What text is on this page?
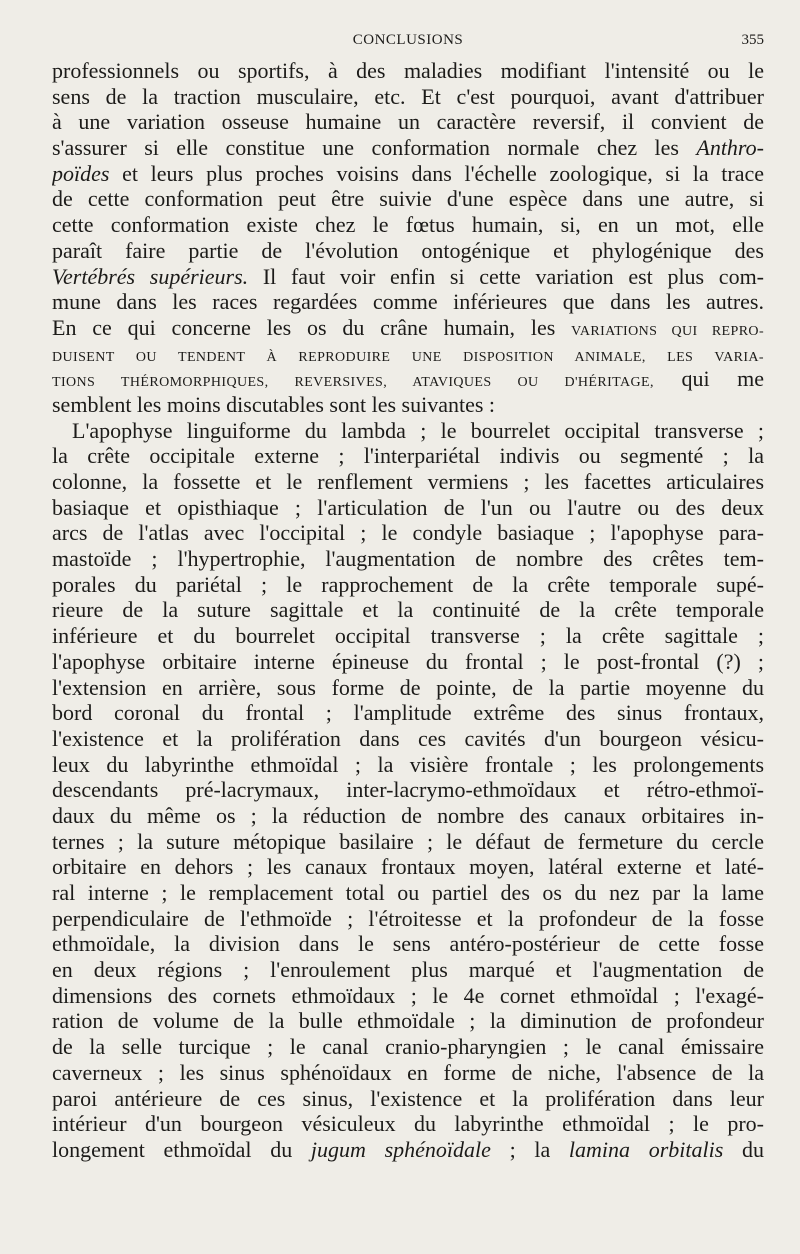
CONCLUSIONS	355
professionnels ou sportifs, à des maladies modifiant l'intensité ou le
sens de la traction musculaire, etc. Et c'est pourquoi, avant d'attribuer
à une variation osseuse humaine un caractère reversif, il convient de
s'assurer si elle constitue une conformation normale chez les Anthro-
poïdes et leurs plus proches voisins dans l'échelle zoologique, si la trace
de cette conformation peut être suivie d'une espèce dans une autre, si
cette conformation existe chez le fœtus humain, si, en un mot, elle
paraît faire partie de l'évolution ontogénique et phylogénique des
Vertébrés supérieurs. Il faut voir enfin si cette variation est plus com-
mune dans les races regardées comme inférieures que dans les autres.
En ce qui concerne les os du crâne humain, les VARIATIONS QUI REPRO-
DUISENT OU TENDENT À REPRODUIRE UNE DISPOSITION ANIMALE, LES VARIA-
TIONS THÉROMORPHIQUES, REVERSIVES, ATAVIQUES OU D'HÉRITAGE, qui me
semblent les moins discutables sont les suivantes :
L'apophyse linguiforme du lambda ; le bourrelet occipital transverse ;
la crête occipitale externe ; l'interpariétal indivis ou segmenté ; la
colonne, la fossette et le renflement vermiens ; les facettes articulaires
basiaque et opisthiaque ; l'articulation de l'un ou l'autre ou des deux
arcs de l'atlas avec l'occipital ; le condyle basiaque ; l'apophyse para-
mastoïde ; l'hypertrophie, l'augmentation de nombre des crêtes tem-
porales du pariétal ; le rapprochement de la crête temporale supé-
rieure de la suture sagittale et la continuité de la crête temporale
inférieure et du bourrelet occipital transverse ; la crête sagittale ;
l'apophyse orbitaire interne épineuse du frontal ; le post-frontal (?) ;
l'extension en arrière, sous forme de pointe, de la partie moyenne du
bord coronal du frontal ; l'amplitude extrême des sinus frontaux,
l'existence et la prolifération dans ces cavités d'un bourgeon vésicu-
leux du labyrinthe ethmoïdal ; la visière frontale ; les prolongements
descendants pré-lacrymaux, inter-lacrymo-ethmoïdaux et rétro-ethmoï-
daux du même os ; la réduction de nombre des canaux orbitaires in-
ternes ; la suture métopique basilaire ; le défaut de fermeture du cercle
orbitaire en dehors ; les canaux frontaux moyen, latéral externe et laté-
ral interne ; le remplacement total ou partiel des os du nez par la lame
perpendiculaire de l'ethmoïde ; l'étroitesse et la profondeur de la fosse
ethmoïdale, la division dans le sens antéro-postérieur de cette fosse
en deux régions ; l'enroulement plus marqué et l'augmentation de
dimensions des cornets ethmoïdaux ; le 4e cornet ethmoïdal ; l'exagé-
ration de volume de la bulle ethmoïdale ; la diminution de profondeur
de la selle turcique ; le canal cranio-pharyngien ; le canal émissaire
caverneux ; les sinus sphénoïdaux en forme de niche, l'absence de la
paroi antérieure de ces sinus, l'existence et la prolifération dans leur
intérieur d'un bourgeon vésiculeux du labyrinthe ethmoïdal ; le pro-
longement ethmoïdal du jugum sphénoïdale ; la lamina orbitalis du
